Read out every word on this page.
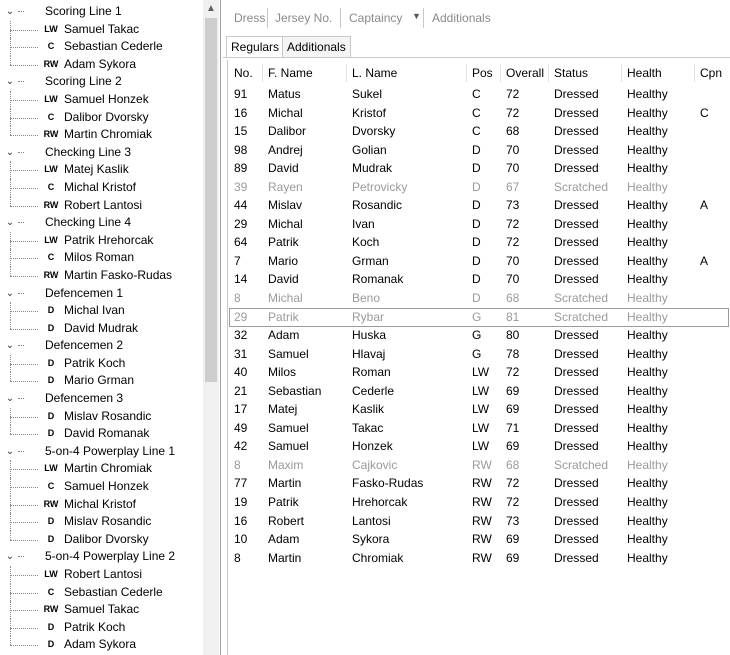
⌄	Scoring Line 1
LW Samuel Takac
C Sebastian Cederle
RW Adam Sykora
⌄	Scoring Line 2
LW Samuel Honzek
C Dalibor Dvorsky
RW Martin Chromiak
⌄	Checking Line 3
LW Matej Kaslik
C Michal Kristof
RW Robert Lantosi
⌄	Checking Line 4
LW Patrik Hrehorcak
C Milos Roman
RW Martin Fasko-Rudas
⌄	Defencemen 1
D Michal Ivan
D David Mudrak
⌄	Defencemen 2
D Patrik Koch
D Mario Grman
⌄	Defencemen 3
D Mislav Rosandic
D David Romanak
⌄	5-on-4 Powerplay Line 1
LW Martin Chromiak
C Samuel Honzek
RW Michal Kristof
D Mislav Rosandic
D Dalibor Dvorsky
⌄	5-on-4 Powerplay Line 2
LW Robert Lantosi
C Sebastian Cederle
RW Samuel Takac
D Patrik Koch
D Adam Sykora
▲
Dress Jersey No. Captaincy ▼ Additionals
Regulars Additionals
No. F. Name	L. Name	Pos Overall Status	Health	Cpn
91 Matus	Sukel	C 72	Dressed Healthy
16 Michal	Kristof	C 72	Dressed Healthy	C
15 Dalibor	Dvorsky	C 68	Dressed Healthy
98 Andrej	Golian	D 70	Dressed Healthy
89 David	Mudrak	D 70	Dressed Healthy
39 Rayen	Petrovicky	D 67	Scratched Healthy
44 Mislav	Rosandic	D 73	Dressed Healthy	A
29 Michal	Ivan	D 72	Dressed Healthy
64 Patrik	Koch	D 72	Dressed Healthy
7 Mario	Grman	D 70	Dressed Healthy	A
14 David	Romanak	D 70	Dressed Healthy
8 Michal	Beno	D 68	Scratched Healthy
29 Patrik	Rybar	G 81	Scratched Healthy
32 Adam	Huska	G 80	Dressed Healthy
31 Samuel	Hlavaj	G 78	Dressed Healthy
40 Milos	Roman	LW 72	Dressed Healthy
21 Sebastian	Cederle	LW 69	Dressed Healthy
17 Matej	Kaslik	LW 69	Dressed Healthy
49 Samuel	Takac	LW 71	Dressed Healthy
42 Samuel	Honzek	LW 69	Dressed Healthy
8 Maxim	Cajkovic	RW 68	Scratched Healthy
77 Martin	Fasko-Rudas	RW 72	Dressed Healthy
19 Patrik	Hrehorcak	RW 72	Dressed Healthy
16 Robert	Lantosi	RW 73	Dressed Healthy
10 Adam	Sykora	RW 69	Dressed Healthy
8 Martin	Chromiak	RW 69	Dressed Healthy
